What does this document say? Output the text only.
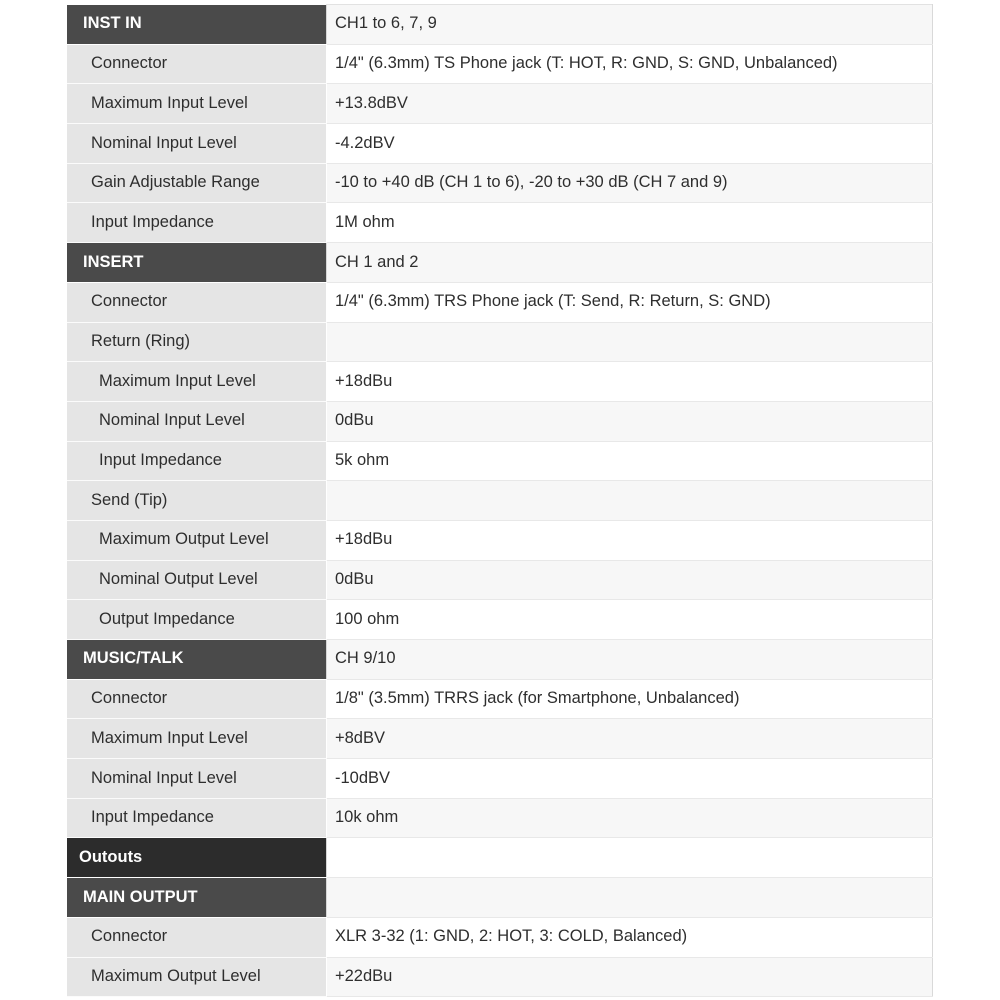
INST IN	CH1 to 6, 7, 9

Connector	1/4" (6.3mm) TS Phone jack (T: HOT, R: GND, S: GND, Unbalanced)

Maximum Input Level	+13.8dBV

Nominal Input Level	-4.2dBV

Gain Adjustable Range	-10 to +40 dB (CH 1 to 6), -20 to +30 dB (CH 7 and 9)

Input Impedance	1M ohm

INSERT	CH 1 and 2

Connector	1/4" (6.3mm) TRS Phone jack (T: Send, R: Return, S: GND)

Return (Ring)	

Maximum Input Level	+18dBu

Nominal Input Level	0dBu

Input Impedance	5k ohm

Send (Tip)	

Maximum Output Level	+18dBu

Nominal Output Level	0dBu

Output Impedance	100 ohm

MUSIC/TALK	CH 9/10

Connector	1/8" (3.5mm) TRRS jack (for Smartphone, Unbalanced)

Maximum Input Level	+8dBV

Nominal Input Level	-10dBV

Input Impedance	10k ohm

Outouts	

MAIN OUTPUT	

Connector	XLR 3-32 (1: GND, 2: HOT, 3: COLD, Balanced)

Maximum Output Level	+22dBu
